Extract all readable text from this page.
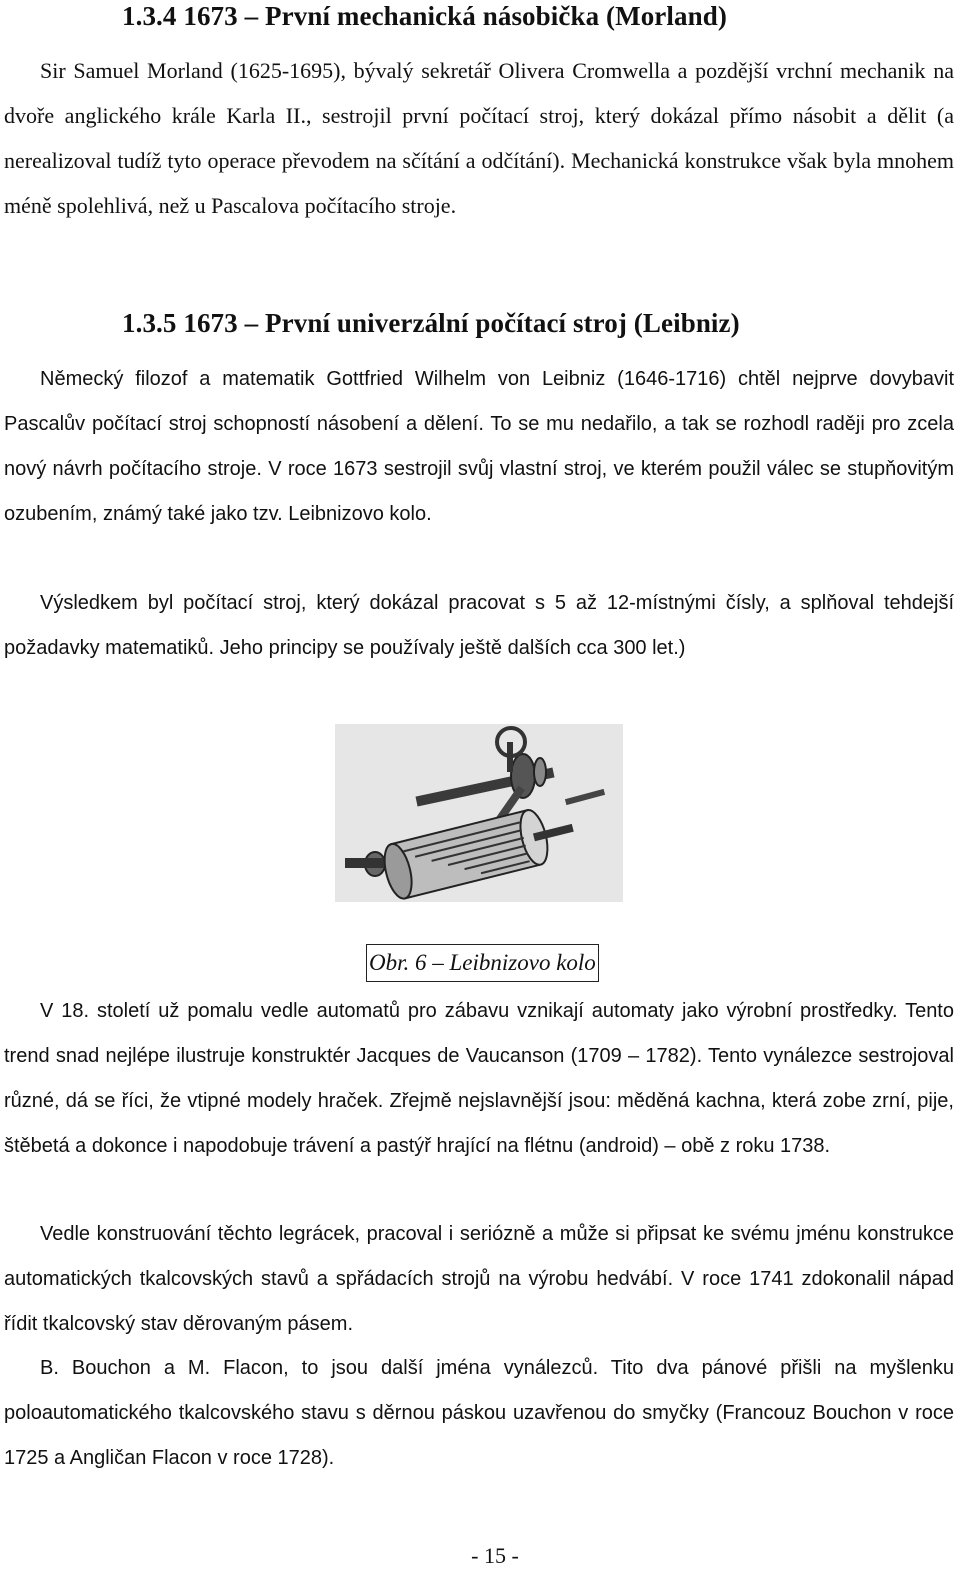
1.3.4 1673 – První mechanická násobička (Morland)

Sir Samuel Morland (1625-1695), bývalý sekretář Olivera Cromwella a pozdější vrchní mechanik na dvoře anglického krále Karla II., sestrojil první počítací stroj, který dokázal přímo násobit a dělit (a nerealizoval tudíž tyto operace převodem na sčítání a odčítání). Mechanická konstrukce však byla mnohem méně spolehlivá, než u Pascalova počítacího stroje.

1.3.5 1673 – První univerzální počítací stroj (Leibniz)

Německý filozof a matematik Gottfried Wilhelm von Leibniz (1646-1716) chtěl nejprve dovybavit Pascalův počítací stroj schopností násobení a dělení. To se mu nedařilo, a tak se rozhodl raději pro zcela nový návrh počítacího stroje. V roce 1673 sestrojil svůj vlastní stroj, ve kterém použil válec se stupňovitým ozubením, známý také jako tzv. Leibnizovo kolo.

Výsledkem byl počítací stroj, který dokázal pracovat s 5 až 12-místnými čísly, a splňoval tehdejší požadavky matematiků. Jeho principy se používaly ještě dalších cca 300 let.)

Obr. 6 – Leibnizovo kolo

V 18. století už pomalu vedle automatů pro zábavu vznikají automaty jako výrobní prostředky. Tento trend snad nejlépe ilustruje konstruktér Jacques de Vaucanson (1709 – 1782). Tento vynálezce sestrojoval různé, dá se říci, že vtipné modely hraček. Zřejmě nejslavnější jsou: měděná kachna, která zobe zrní, pije, štěbetá a dokonce i napodobuje trávení a pastýř hrající na flétnu (android) – obě z roku 1738.

Vedle konstruování těchto legrácek, pracoval i seriózně a může si připsat ke svému jménu konstrukce automatických tkalcovských stavů a spřádacích strojů na výrobu hedvábí. V roce 1741 zdokonalil nápad řídit tkalcovský stav děrovaným pásem.

B. Bouchon a M. Flacon, to jsou další jména vynálezců. Tito dva pánové přišli na myšlenku poloautomatického tkalcovského stavu s děrnou páskou uzavřenou do smyčky (Francouz Bouchon v roce 1725 a Angličan Flacon v roce 1728).

- 15 -
